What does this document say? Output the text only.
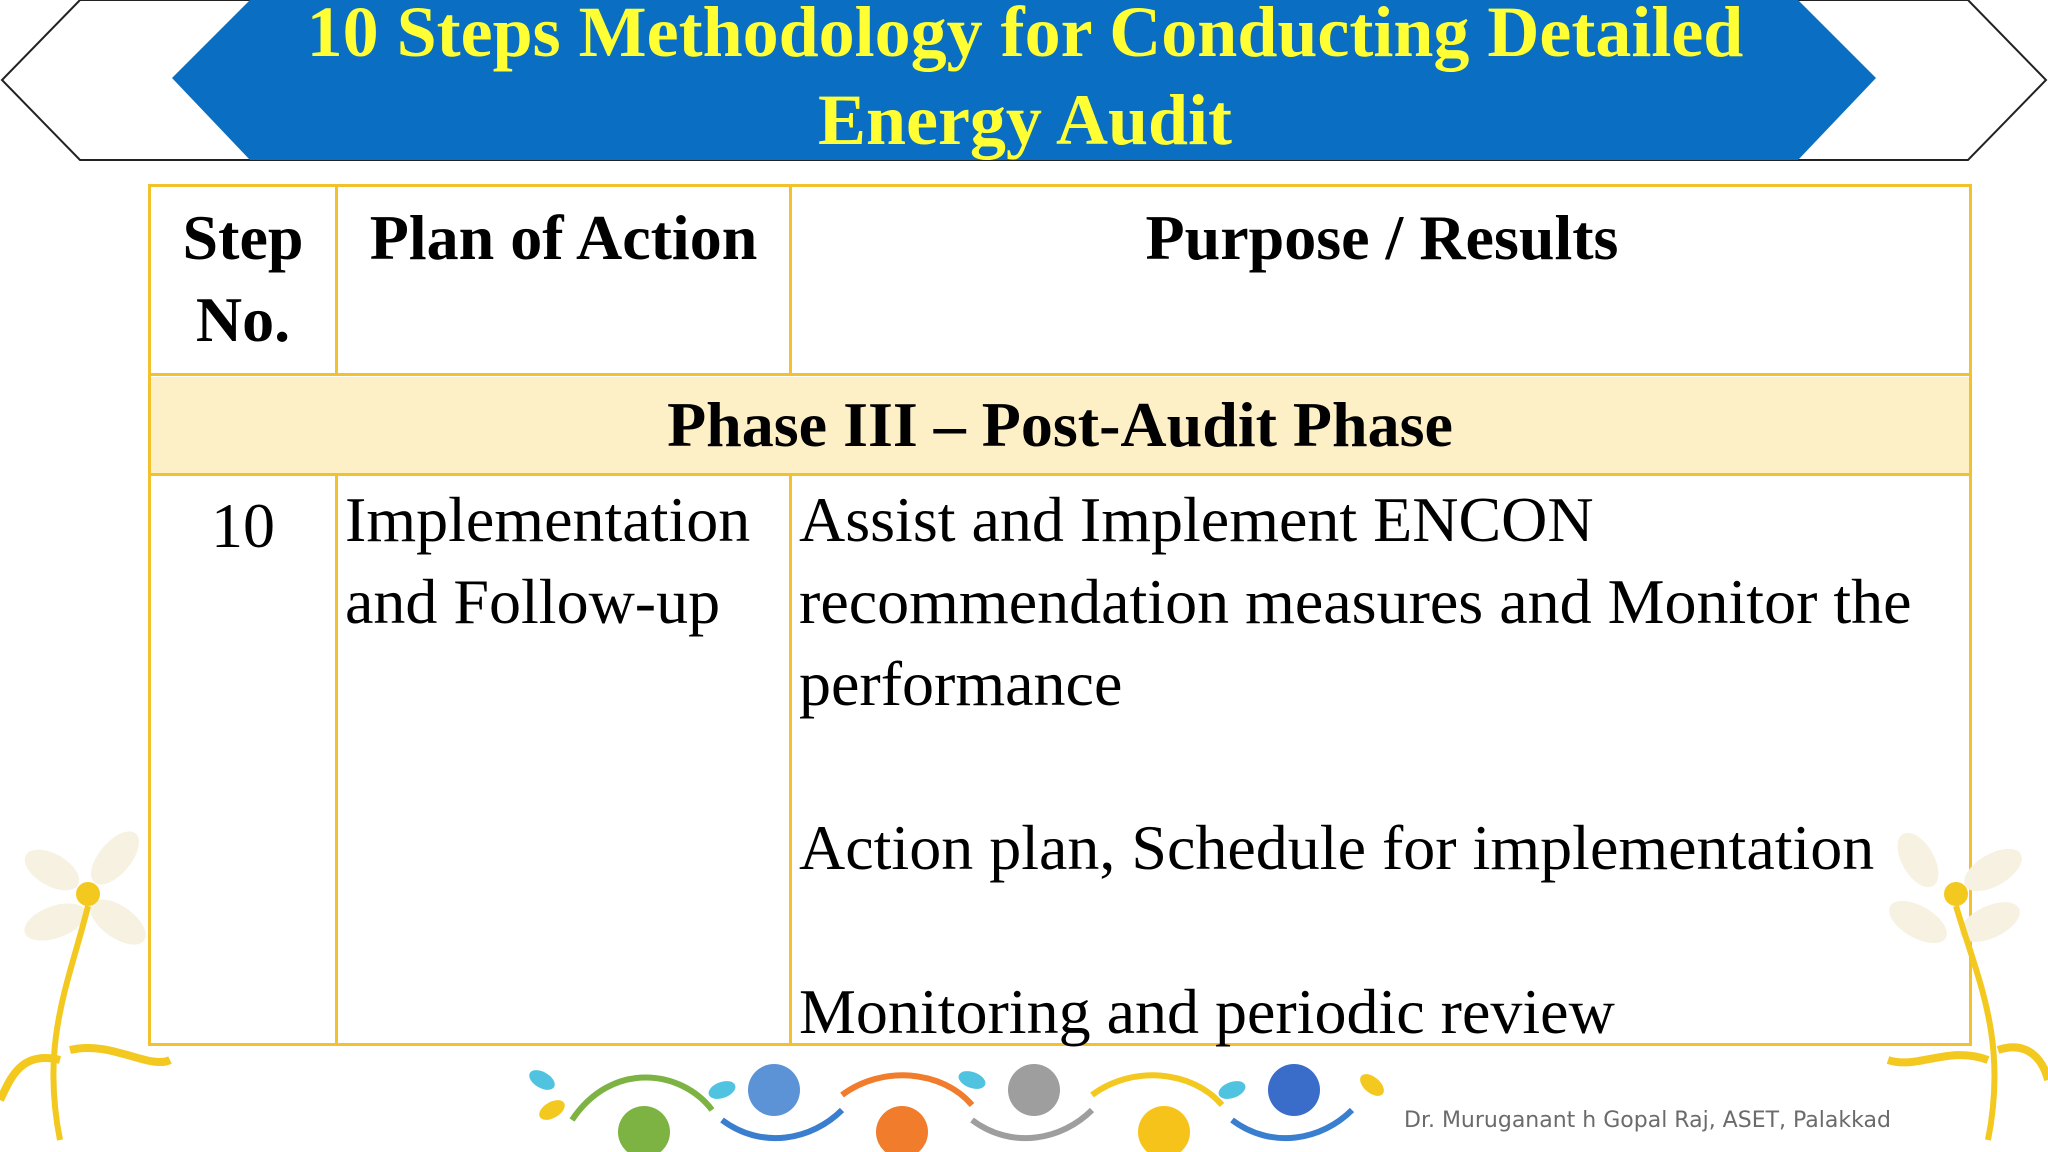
10 Steps Methodology for Conducting Detailed
Energy Audit
Phase III – Post-Audit Phase
Step
No.
Plan of Action	Purpose / Results
10	Implementation
and Follow-up

Assist and Implement ENCON recommendation measures and Monitor the performance

Action plan, Schedule for implementation

Monitoring and periodic review

Dr. Muruganant h Gopal Raj, ASET, Palakkad
